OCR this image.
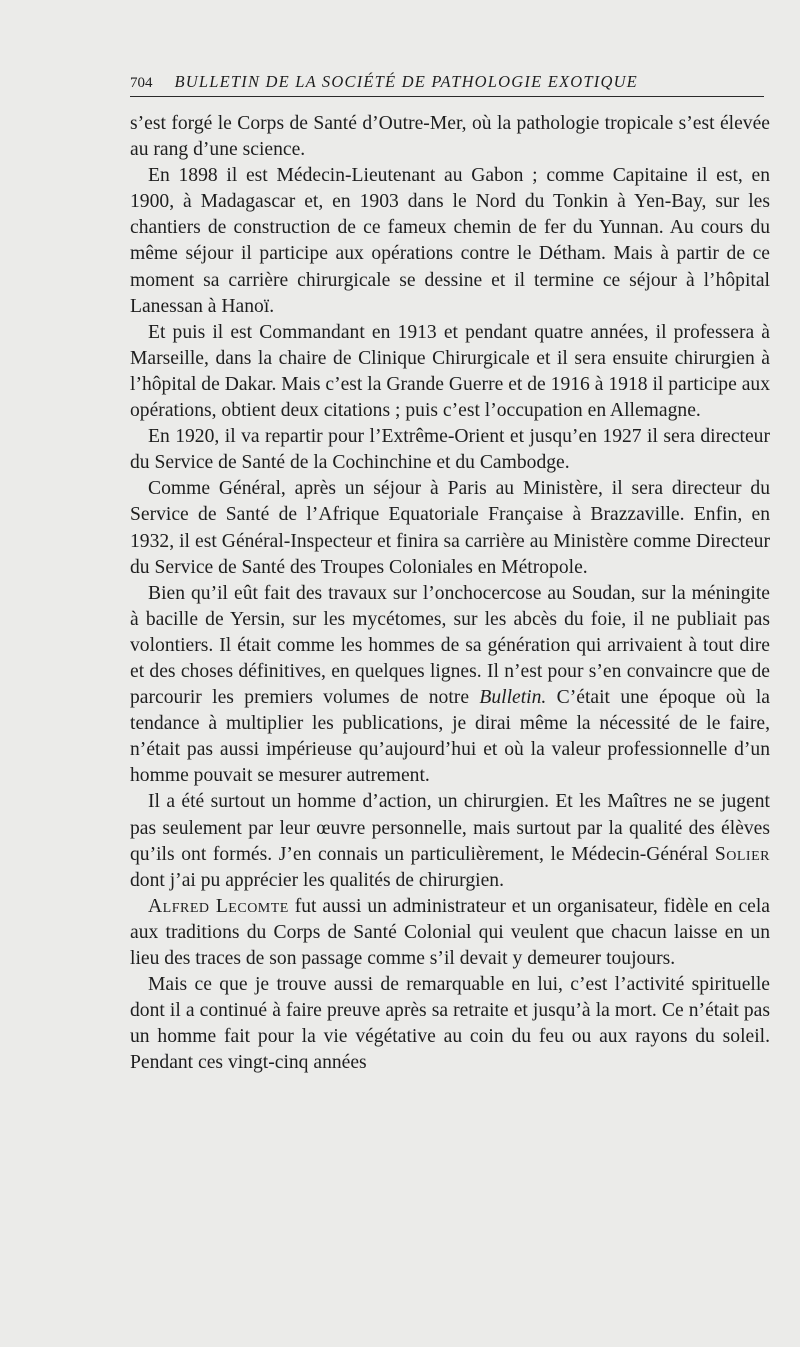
704 BULLETIN DE LA SOCIÉTÉ DE PATHOLOGIE EXOTIQUE

s’est forgé le Corps de Santé d’Outre-Mer, où la pathologie tropicale s’est élevée au rang d’une science.

En 1898 il est Médecin-Lieutenant au Gabon ; comme Capitaine il est, en 1900, à Madagascar et, en 1903 dans le Nord du Tonkin à Yen-Bay, sur les chantiers de construction de ce fameux chemin de fer du Yunnan. Au cours du même séjour il participe aux opérations contre le Détham. Mais à partir de ce moment sa carrière chirurgicale se dessine et il termine ce séjour à l’hôpital Lanessan à Hanoï.

Et puis il est Commandant en 1913 et pendant quatre années, il professera à Marseille, dans la chaire de Clinique Chirurgicale et il sera ensuite chirurgien à l’hôpital de Dakar. Mais c’est la Grande Guerre et de 1916 à 1918 il participe aux opérations, obtient deux citations ; puis c’est l’occupation en Allemagne.

En 1920, il va repartir pour l’Extrême-Orient et jusqu’en 1927 il sera directeur du Service de Santé de la Cochinchine et du Cambodge.

Comme Général, après un séjour à Paris au Ministère, il sera directeur du Service de Santé de l’Afrique Equatoriale Française à Brazzaville. Enfin, en 1932, il est Général-Inspecteur et finira sa carrière au Ministère comme Directeur du Service de Santé des Troupes Coloniales en Métropole.

Bien qu’il eût fait des travaux sur l’onchocercose au Soudan, sur la méningite à bacille de Yersin, sur les mycétomes, sur les abcès du foie, il ne publiait pas volontiers. Il était comme les hommes de sa génération qui arrivaient à tout dire et des choses définitives, en quelques lignes. Il n’est pour s’en convaincre que de parcourir les premiers volumes de notre Bulletin. C’était une époque où la tendance à multiplier les publications, je dirai même la nécessité de le faire, n’était pas aussi impérieuse qu’aujourd’hui et où la valeur professionnelle d’un homme pouvait se mesurer autrement.

Il a été surtout un homme d’action, un chirurgien. Et les Maîtres ne se jugent pas seulement par leur œuvre personnelle, mais surtout par la qualité des élèves qu’ils ont formés. J’en connais un particulièrement, le Médecin-Général Solier dont j’ai pu apprécier les qualités de chirurgien.

Alfred Lecomte fut aussi un administrateur et un organisateur, fidèle en cela aux traditions du Corps de Santé Colonial qui veulent que chacun laisse en un lieu des traces de son passage comme s’il devait y demeurer toujours.

Mais ce que je trouve aussi de remarquable en lui, c’est l’activité spirituelle dont il a continué à faire preuve après sa retraite et jusqu’à la mort. Ce n’était pas un homme fait pour la vie végétative au coin du feu ou aux rayons du soleil. Pendant ces vingt-cinq années
